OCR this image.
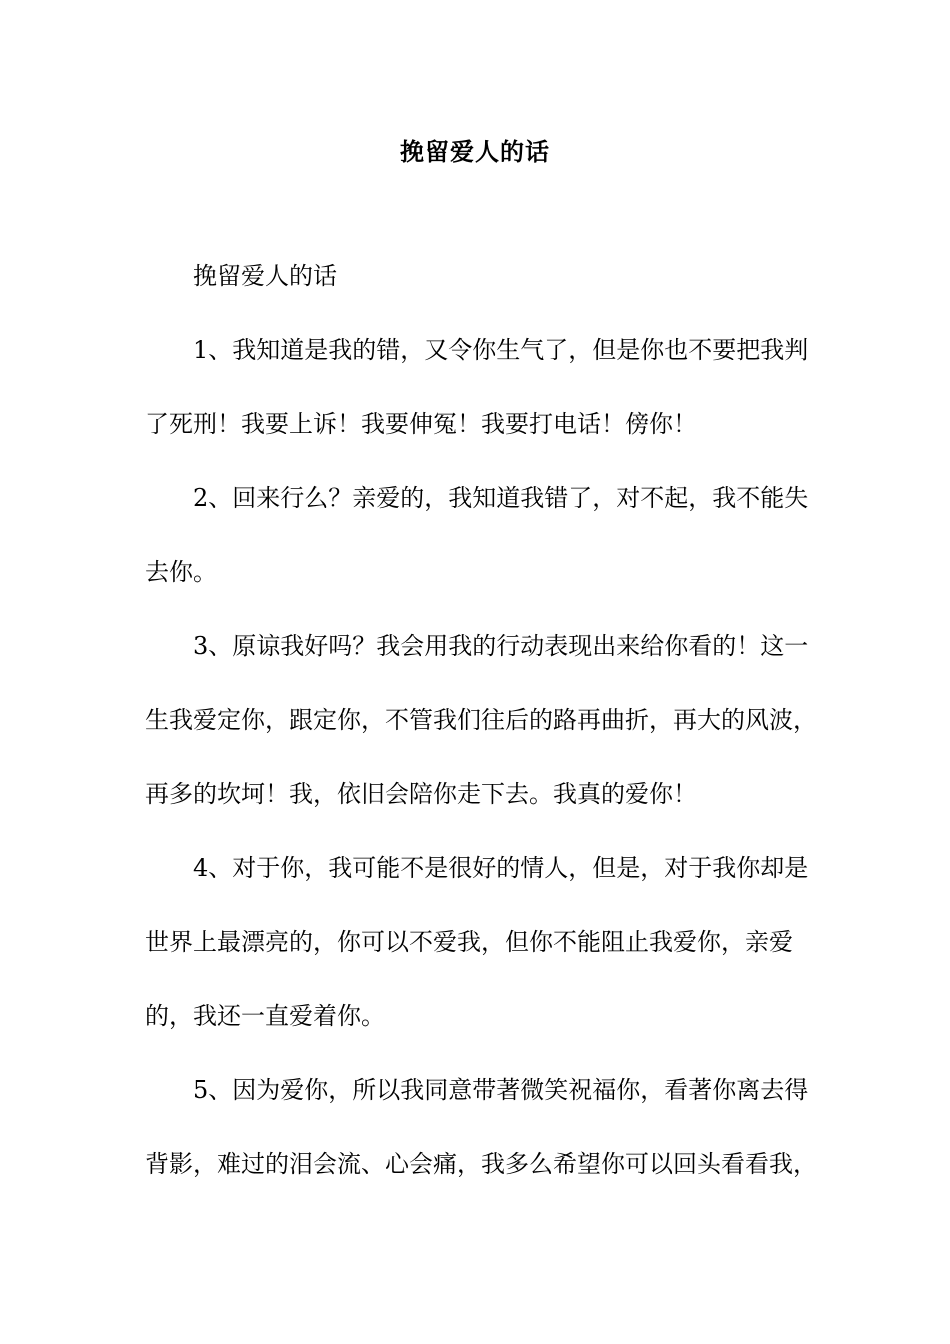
挽留爱人的话
挽留爱人的话
1、我知道是我的错，又令你生气了，但是你也不要把我判
了死刑！我要上诉！我要伸冤！我要打电话！傍你！
2、回来行么？亲爱的，我知道我错了，对不起，我不能失
去你。
3、原谅我好吗？我会用我的行动表现出来给你看的！这一
生我爱定你，跟定你，不管我们往后的路再曲折，再大的风波，
再多的坎坷！我，依旧会陪你走下去。我真的爱你！
4、对于你，我可能不是很好的情人，但是，对于我你却是
世界上最漂亮的，你可以不爱我，但你不能阻止我爱你，亲爱
的，我还一直爱着你。
5、因为爱你，所以我同意带著微笑祝福你，看著你离去得
背影，难过的泪会流、心会痛，我多么希望你可以回头看看我，
